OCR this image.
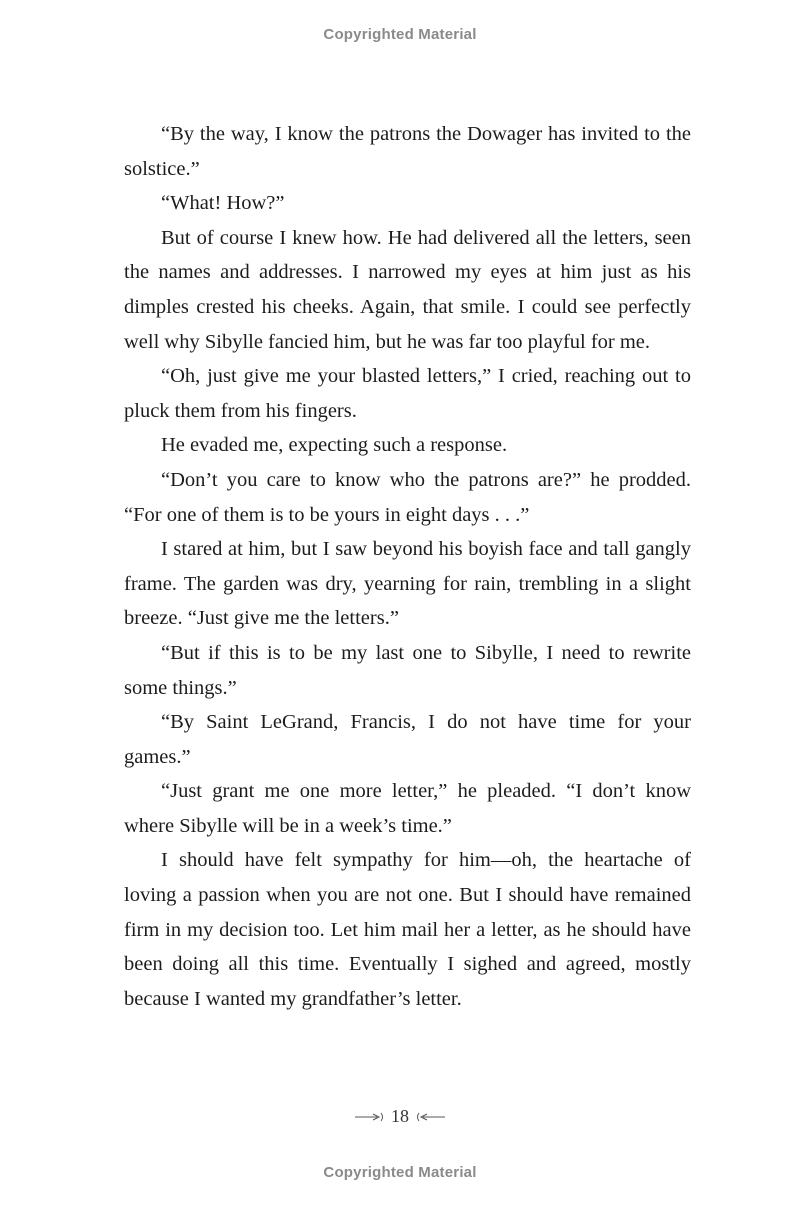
Copyrighted Material

“By the way, I know the patrons the Dowager has invited to the solstice.”

“What! How?”

But of course I knew how. He had delivered all the letters, seen the names and addresses. I narrowed my eyes at him just as his dimples crested his cheeks. Again, that smile. I could see perfectly well why Sibylle fancied him, but he was far too playful for me.

“Oh, just give me your blasted letters,” I cried, reaching out to pluck them from his fingers.

He evaded me, expecting such a response.

“Don’t you care to know who the patrons are?” he prodded. “For one of them is to be yours in eight days . . .”

I stared at him, but I saw beyond his boyish face and tall gangly frame. The garden was dry, yearning for rain, trembling in a slight breeze. “Just give me the letters.”

“But if this is to be my last one to Sibylle, I need to rewrite some things.”

“By Saint LeGrand, Francis, I do not have time for your games.”

“Just grant me one more letter,” he pleaded. “I don’t know where Sibylle will be in a week’s time.”

I should have felt sympathy for him—oh, the heartache of loving a passion when you are not one. But I should have remained firm in my decision too. Let him mail her a letter, as he should have been doing all this time. Eventually I sighed and agreed, mostly because I wanted my grandfather’s letter.

18
Copyrighted Material
